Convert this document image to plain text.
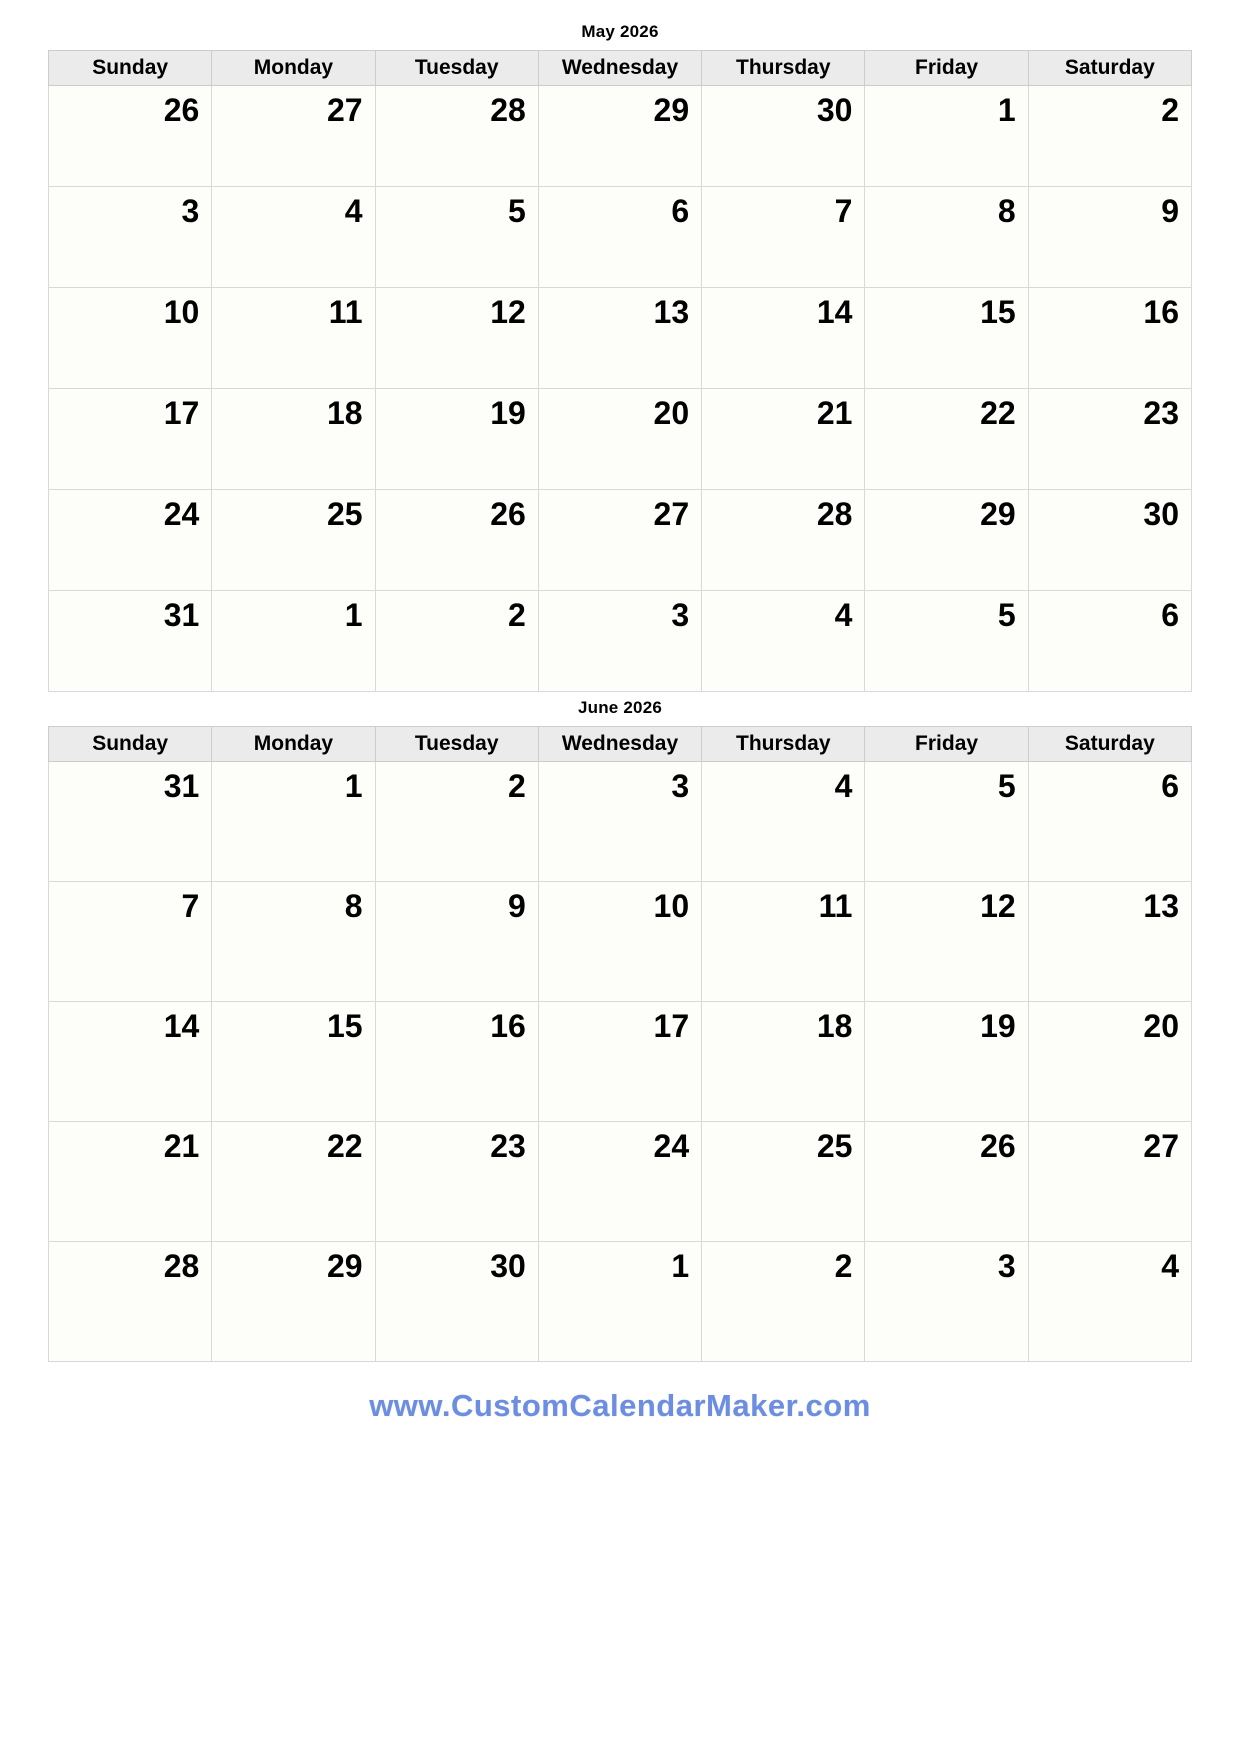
May 2026
Sunday	Monday	Tuesday	Wednesday	Thursday	Friday	Saturday
26	27	28	29	30	1	2
3	4	5	6	7	8	9
10	11	12	13	14	15	16
17	18	19	20	21	22	23
24	25	26	27	28	29	30
31	1	2	3	4	5	6
June 2026
Sunday	Monday	Tuesday	Wednesday	Thursday	Friday	Saturday
31	1	2	3	4	5	6
7	8	9	10	11	12	13
14	15	16	17	18	19	20
21	22	23	24	25	26	27
28	29	30	1	2	3	4
www.CustomCalendarMaker.com
